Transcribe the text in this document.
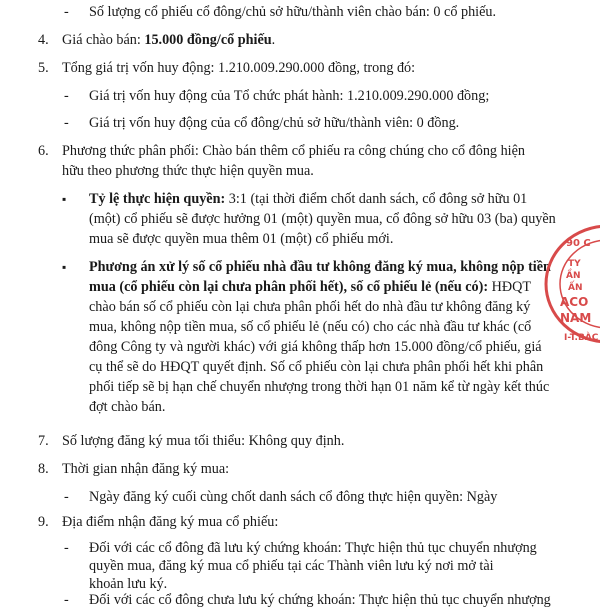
- Số lượng cổ phiếu cổ đông/chủ sở hữu/thành viên chào bán: 0 cổ phiếu.
4. Giá chào bán: 15.000 đồng/cổ phiếu.
5. Tổng giá trị vốn huy động: 1.210.009.290.000 đồng, trong đó:
- Giá trị vốn huy động của Tổ chức phát hành: 1.210.009.290.000 đồng;
- Giá trị vốn huy động của cổ đông/chủ sở hữu/thành viên: 0 đồng.
6. Phương thức phân phối: Chào bán thêm cổ phiếu ra công chúng cho cổ đông hiện
hữu theo phương thức thực hiện quyền mua.
▪ Tỷ lệ thực hiện quyền: 3:1 (tại thời điểm chốt danh sách, cổ đông sở hữu 01
(một) cổ phiếu sẽ được hưởng 01 (một) quyền mua, cổ đông sở hữu 03 (ba) quyền
mua sẽ được quyền mua thêm 01 (một) cổ phiếu mới.
▪ Phương án xử lý số cổ phiếu nhà đầu tư không đăng ký mua, không nộp tiền
mua (cổ phiếu còn lại chưa phân phối hết), số cổ phiếu lẻ (nếu có): HĐQT
chào bán số cổ phiếu còn lại chưa phân phối hết do nhà đầu tư không đăng ký
mua, không nộp tiền mua, số cổ phiếu lẻ (nếu có) cho các nhà đầu tư khác (cổ
đông Công ty và người khác) với giá không thấp hơn 15.000 đồng/cổ phiếu, giá
cụ thể sẽ do HĐQT quyết định. Số cổ phiếu còn lại chưa phân phối hết khi phân
phối tiếp sẽ bị hạn chế chuyển nhượng trong thời hạn 01 năm kể từ ngày kết thúc
đợt chào bán.
7. Số lượng đăng ký mua tối thiểu: Không quy định.
8. Thời gian nhận đăng ký mua:
- Ngày đăng ký cuối cùng chốt danh sách cổ đông thực hiện quyền: Ngày
9. Địa điểm nhận đăng ký mua cổ phiếu:
- Đối với các cổ đông đã lưu ký chứng khoán: Thực hiện thủ tục chuyển nhượng
quyền mua, đăng ký mua cổ phiếu tại các Thành viên lưu ký nơi mở tài
khoản lưu ký.
- Đối với các cổ đông chưa lưu ký chứng khoán: Thực hiện thủ tục chuyển nhượng
90 C
TY
ẦN
ẤN
ACO
NAM
I-T.BÀC
